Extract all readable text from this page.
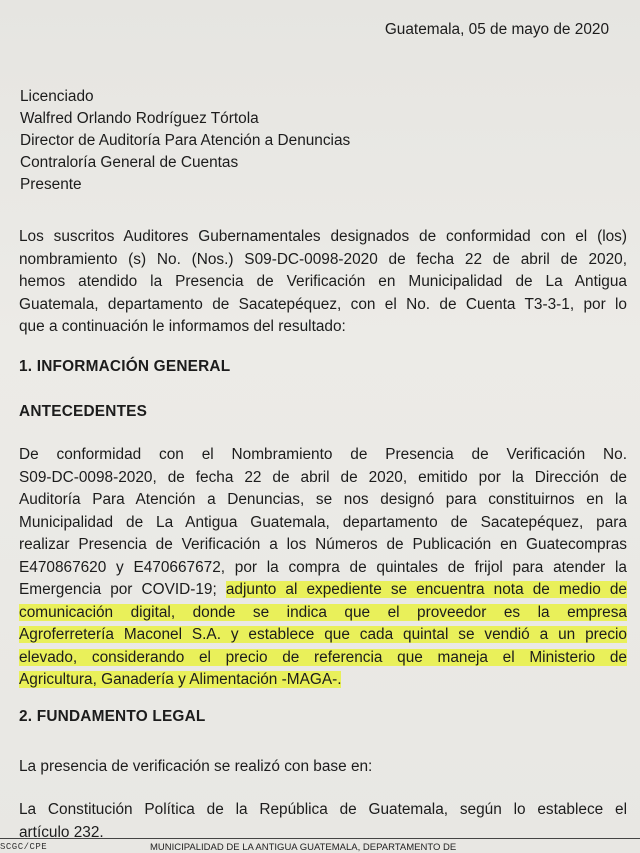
Guatemala, 05 de mayo de 2020
Licenciado
Walfred Orlando Rodríguez Tórtola
Director de Auditoría Para Atención a Denuncias
Contraloría General de Cuentas
Presente
Los suscritos Auditores Gubernamentales designados de conformidad con el (los)
nombramiento (s) No. (Nos.) S09-DC-0098-2020 de fecha 22 de abril de 2020,
hemos atendido la Presencia de Verificación en Municipalidad de La Antigua
Guatemala, departamento de Sacatepéquez, con el No. de Cuenta T3-3-1, por lo
que a continuación le informamos del resultado:
1. INFORMACIÓN GENERAL
ANTECEDENTES
De conformidad con el Nombramiento de Presencia de Verificación No.
S09-DC-0098-2020, de fecha 22 de abril de 2020, emitido por la Dirección de
Auditoría Para Atención a Denuncias, se nos designó para constituirnos en la
Municipalidad de La Antigua Guatemala, departamento de Sacatepéquez, para
realizar Presencia de Verificación a los Números de Publicación en Guatecompras
E470867620 y E470667672, por la compra de quintales de frijol para atender la
Emergencia por COVID-19; adjunto al expediente se encuentra nota de medio de
comunicación digital, donde se indica que el proveedor es la empresa
Agroferretería Maconel S.A. y establece que cada quintal se vendió a un precio
elevado, considerando el precio de referencia que maneja el Ministerio de
Agricultura, Ganadería y Alimentación -MAGA-.
2. FUNDAMENTO LEGAL
La presencia de verificación se realizó con base en:
La Constitución Política de la República de Guatemala, según lo establece el
artículo 232.
SCGC/CPE	MUNICIPALIDAD DE LA ANTIGUA GUATEMALA, DEPARTAMENTO DE
